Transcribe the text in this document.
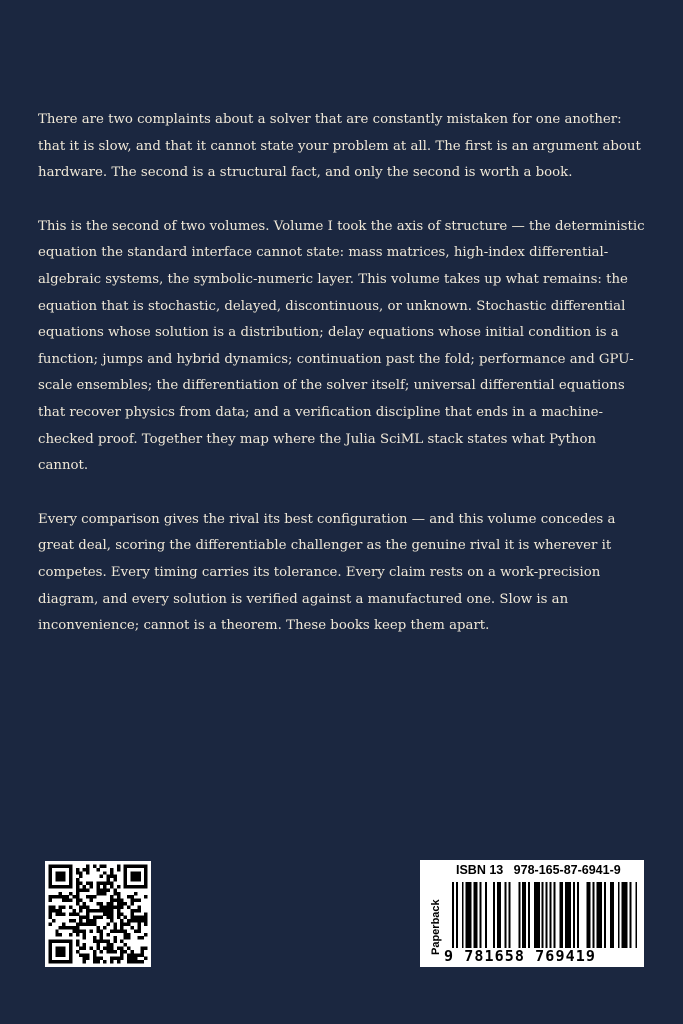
There are two complaints about a solver that are constantly mistaken for one another: that it is slow, and that it cannot state your problem at all. The first is an argument about hardware. The second is a structural fact, and only the second is worth a book.

This is the second of two volumes. Volume I took the axis of structure — the deterministic equation the standard interface cannot state: mass matrices, high-index differential-algebraic systems, the symbolic-numeric layer. This volume takes up what remains: the equation that is stochastic, delayed, discontinuous, or unknown. Stochastic differential equations whose solution is a distribution; delay equations whose initial condition is a function; jumps and hybrid dynamics; continuation past the fold; performance and GPU-scale ensembles; the differentiation of the solver itself; universal differential equations that recover physics from data; and a verification discipline that ends in a machine-checked proof. Together they map where the Julia SciML stack states what Python cannot.

Every comparison gives the rival its best configuration — and this volume concedes a great deal, scoring the differentiable challenger as the genuine rival it is wherever it competes. Every timing carries its tolerance. Every claim rests on a work-precision diagram, and every solution is verified against a manufactured one. Slow is an inconvenience; cannot is a theorem. These books keep them apart.

ISBN 13 978-165-87-6941-9
Paperback
9 781658 769419
